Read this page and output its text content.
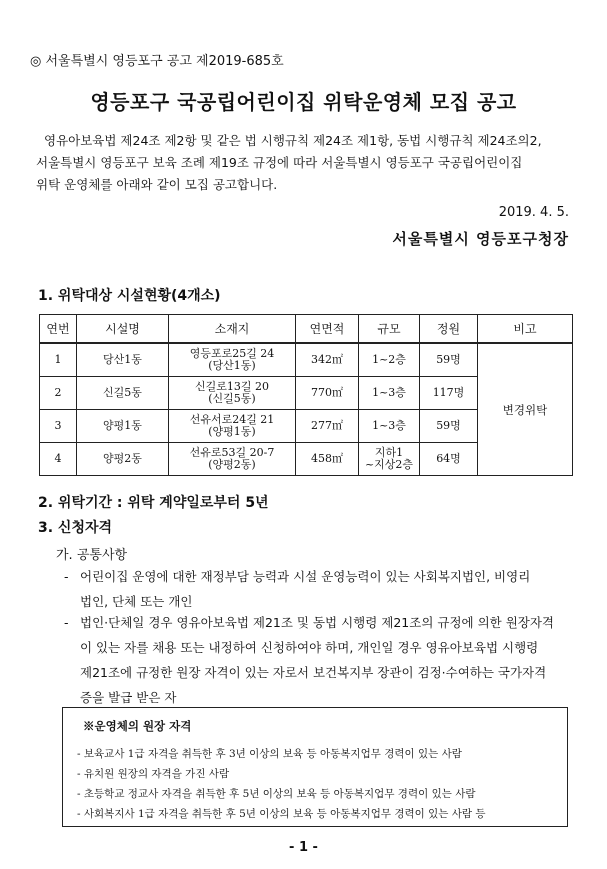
◎ 서울특별시 영등포구 공고 제2019-685호
영등포구 국공립어린이집 위탁운영체 모집 공고
영유아보육법 제24조 제2항 및 같은 법 시행규칙 제24조 제1항, 동법 시행규칙 제24조의2,
서울특별시 영등포구 보육 조례 제19조 규정에 따라 서울특별시 영등포구 국공립어린이집
위탁 운영체를 아래와 같이 모집 공고합니다.
2019. 4. 5.
서울특별시 영등포구청장
1. 위탁대상 시설현황(4개소)
연번	시설명	소재지	연면적	규모	정원	비고
1	당산1동	영등포로25길 24
(당산1동)	342㎡	1~2층	59명	변경위탁
2	신길5동	신길로13길 20
(신길5동)	770㎡	1~3층	117명	
3	양평1동	선유서로24길 21
(양평1동)	277㎡	1~3층	59명	
4	양평2동	선유로53길 20-7
(양평2동)	458㎡	지하1
~지상2층	64명	
2. 위탁기간 : 위탁 계약일로부터 5년
3. 신청자격
가. 공통사항
- 어린이집 운영에 대한 재정부담 능력과 시설 운영능력이 있는 사회복지법인, 비영리
법인, 단체 또는 개인
- 법인·단체일 경우 영유아보육법 제21조 및 동법 시행령 제21조의 규정에 의한 원장자격
이 있는 자를 채용 또는 내정하여 신청하여야 하며, 개인일 경우 영유아보육법 시행령
제21조에 규정한 원장 자격이 있는 자로서 보건복지부 장관이 검정·수여하는 국가자격
증을 발급 받은 자
※운영체의 원장 자격
- 보육교사 1급 자격을 취득한 후 3년 이상의 보육 등 아동복지업무 경력이 있는 사람
- 유치원 원장의 자격을 가진 사람
- 초등학교 정교사 자격을 취득한 후 5년 이상의 보육 등 아동복지업무 경력이 있는 사람
- 사회복지사 1급 자격을 취득한 후 5년 이상의 보육 등 아동복지업무 경력이 있는 사람 등
- 1 -
